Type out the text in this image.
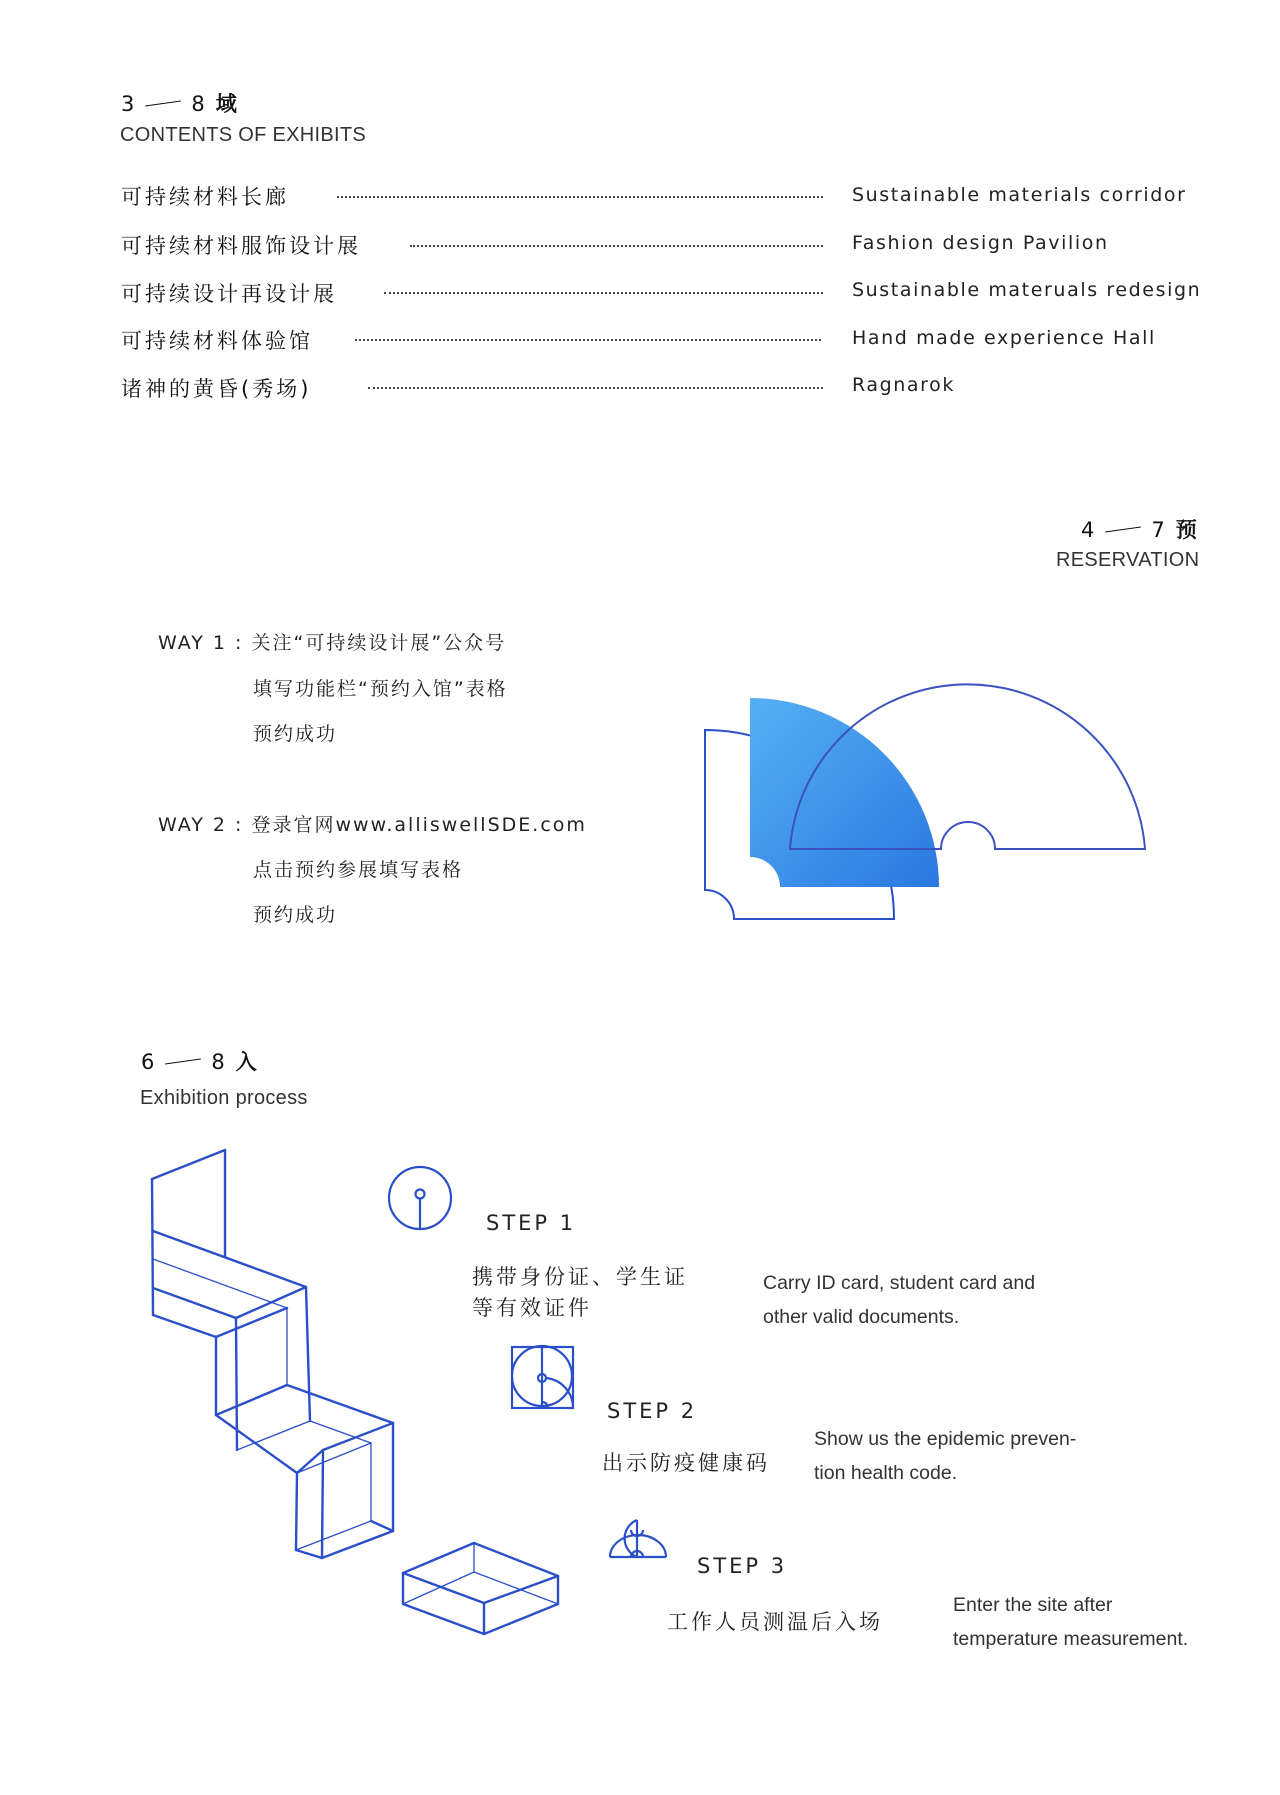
3	8 域
CONTENTS OF EXHIBITS
可持续材料长廊	Sustainable materials corridor
可持续材料服饰设计展	Fashion design Pavilion
可持续设计再设计展	Sustainable materuals redesign
可持续材料体验馆	Hand made experience Hall
诸神的黄昏(秀场)	Ragnarok
4	7 预
RESERVATION
WAY 1 : 关注“可持续设计展”公众号
填写功能栏“预约入馆”表格
预约成功
WAY 2 : 登录官网www.alliswellSDE.com
点击预约参展填写表格
预约成功
6	8 入
Exhibition process
STEP 1
携带身份证、学生证
等有效证件
Carry ID card, student card and
other valid documents.
STEP 2
出示防疫健康码
Show us the epidemic preven-
tion health code.
STEP 3
工作人员测温后入场
Enter the site after
temperature measurement.
